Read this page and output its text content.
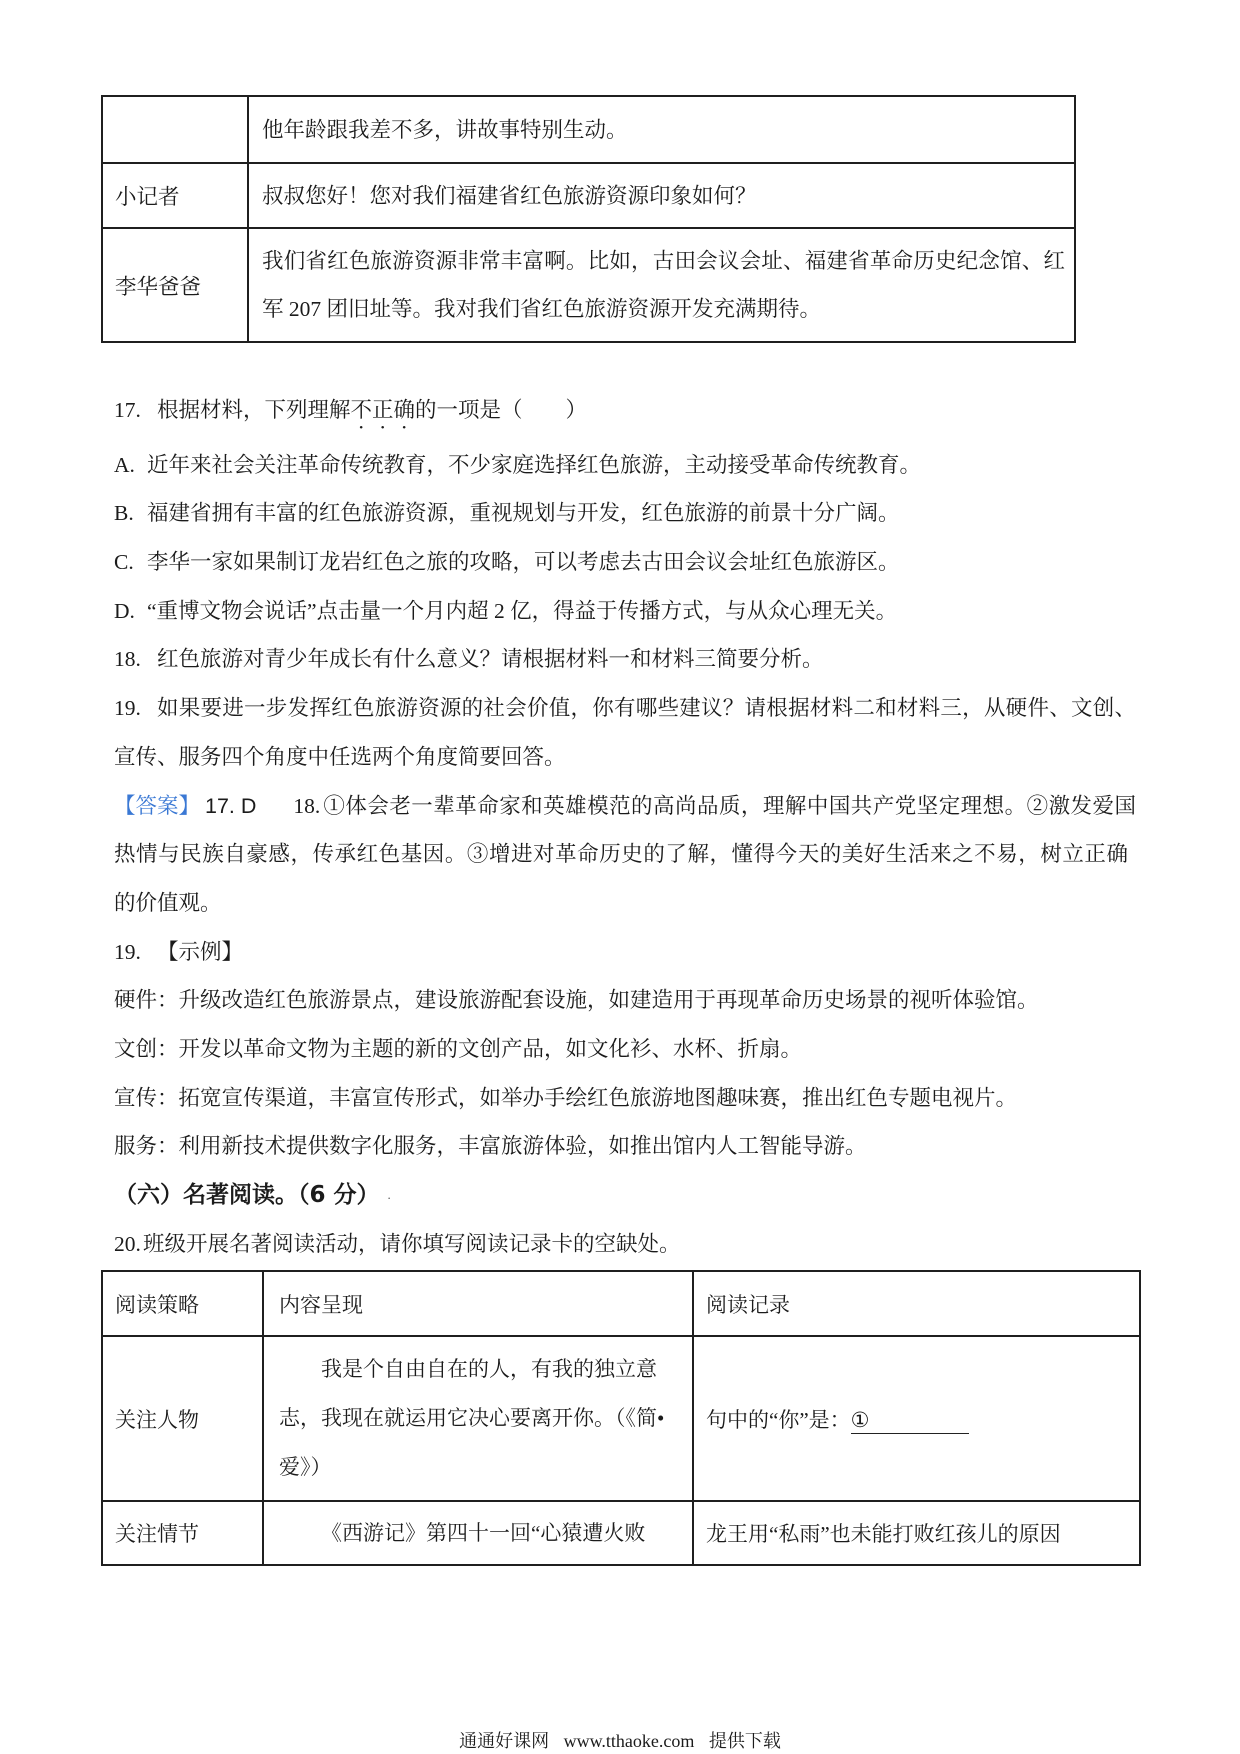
	他年龄跟我差不多，讲故事特别生动。

小记者	叔叔您好！您对我们福建省红色旅游资源印象如何？

李华爸爸	我们省红色旅游资源非常丰富啊。比如，古田会议会址、福建省革命历史纪念馆、红
军 207 团旧址等。我对我们省红色旅游资源开发充满期待。
17. 根据材料，下列理解不正确的一项是（　　）
A. 近年来社会关注革命传统教育，不少家庭选择红色旅游，主动接受革命传统教育。
B. 福建省拥有丰富的红色旅游资源，重视规划与开发，红色旅游的前景十分广阔。
C. 李华一家如果制订龙岩红色之旅的攻略，可以考虑去古田会议会址红色旅游区。
D. “重博文物会说话”点击量一个月内超 2 亿，得益于传播方式，与从众心理无关。
18. 红色旅游对青少年成长有什么意义？请根据材料一和材料三简要分析。
19. 如果要进一步发挥红色旅游资源的社会价值，你有哪些建议？请根据材料二和材料三，从硬件、文创、
宣传、服务四个角度中任选两个角度简要回答。
【答案】 17. D 18. ①体会老一辈革命家和英雄模范的高尚品质，理解中国共产党坚定理想。②激发爱国
热情与民族自豪感，传承红色基因。③增进对革命历史的了解，懂得今天的美好生活来之不易，树立正确
的价值观。
19. 【示例】
硬件：升级改造红色旅游景点，建设旅游配套设施，如建造用于再现革命历史场景的视听体验馆。
文创：开发以革命文物为主题的新的文创产品，如文化衫、水杯、折扇。
宣传：拓宽宣传渠道，丰富宣传形式，如举办手绘红色旅游地图趣味赛，推出红色专题电视片。
服务：利用新技术提供数字化服务，丰富旅游体验，如推出馆内人工智能导游。
（六）名著阅读。（6 分） .
20. 班级开展名著阅读活动，请你填写阅读记录卡的空缺处。
阅读策略	内容呈现	阅读记录
关注人物	我是个自由自在的人，有我的独立意
志，我现在就运用它决心要离开你。（《简•
爱》）	句中的“你”是：①
关注情节	《西游记》第四十一回“心猿遭火败	龙王用“私雨”也未能打败红孩儿的原因
通通好课网 www.tthaoke.com 提供下载
